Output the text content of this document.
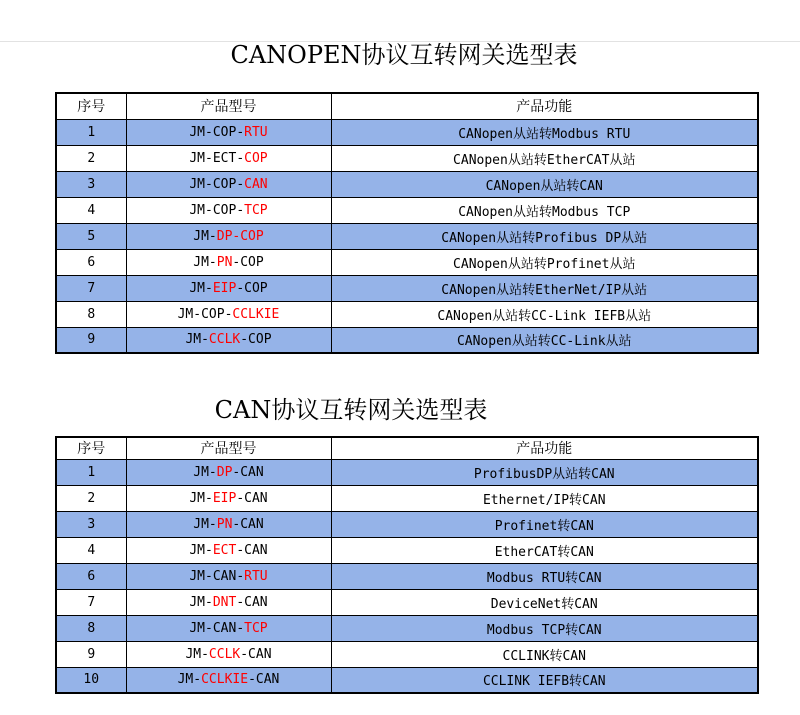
CANOPEN协议互转网关选型表
序号	产品型号	产品功能
1	JM-COP-RTU	CANopen从站转Modbus RTU
2	JM-ECT-COP	CANopen从站转EtherCAT从站
3	JM-COP-CAN	CANopen从站转CAN
4	JM-COP-TCP	CANopen从站转Modbus TCP
5	JM-DP-COP	CANopen从站转Profibus DP从站
6	JM-PN-COP	CANopen从站转Profinet从站
7	JM-EIP-COP	CANopen从站转EtherNet/IP从站
8	JM-COP-CCLKIE	CANopen从站转CC-Link IEFB从站
9	JM-CCLK-COP	CANopen从站转CC-Link从站
CAN协议互转网关选型表
序号	产品型号	产品功能
1	JM-DP-CAN	ProfibusDP从站转CAN
2	JM-EIP-CAN	Ethernet/IP转CAN
3	JM-PN-CAN	Profinet转CAN
4	JM-ECT-CAN	EtherCAT转CAN
6	JM-CAN-RTU	Modbus RTU转CAN
7	JM-DNT-CAN	DeviceNet转CAN
8	JM-CAN-TCP	Modbus TCP转CAN
9	JM-CCLK-CAN	CCLINK转CAN
10	JM-CCLKIE-CAN	CCLINK IEFB转CAN
